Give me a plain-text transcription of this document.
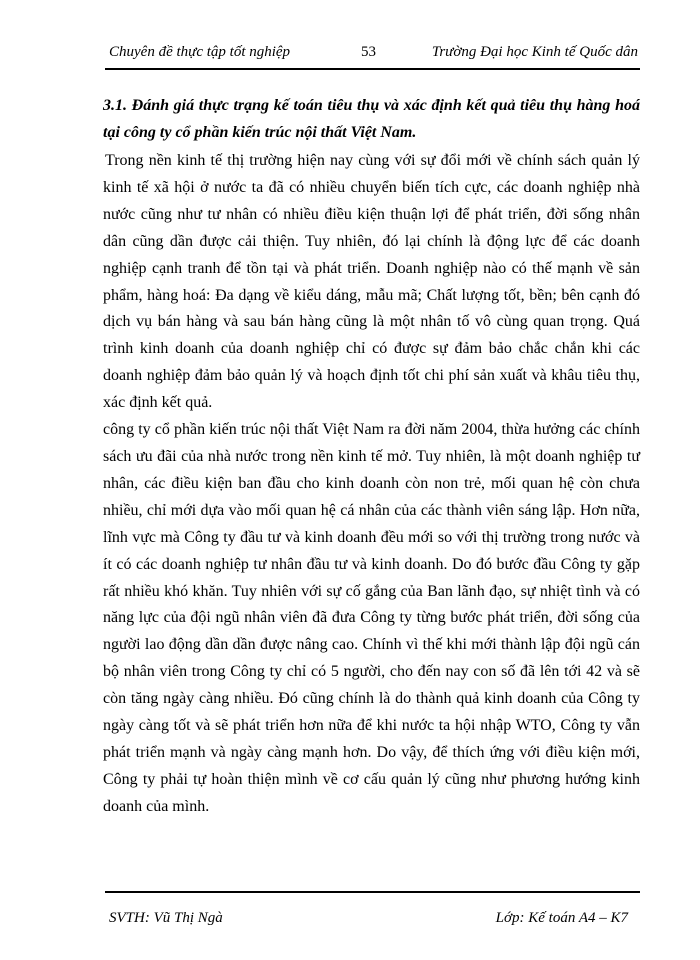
Chuyên đề thực tập tốt nghiệp	53	Trường Đại học Kinh tế Quốc dân

3.1. Đánh giá thực trạng kế toán tiêu thụ và xác định kết quả tiêu thụ hàng hoá tại công ty cổ phần kiến trúc nội thất Việt Nam.

Trong nền kinh tế thị trường hiện nay cùng với sự đổi mới về chính sách quản lý kinh tế xã hội ở nước ta đã có nhiều chuyển biến tích cực, các doanh nghiệp nhà nước cũng như tư nhân có nhiều điều kiện thuận lợi để phát triển, đời sống nhân dân cũng dần được cải thiện. Tuy nhiên, đó lại chính là động lực để các doanh nghiệp cạnh tranh để tồn tại và phát triển. Doanh nghiệp nào có thế mạnh về sản phẩm, hàng hoá: Đa dạng về kiểu dáng, mẫu mã; Chất lượng tốt, bền; bên cạnh đó dịch vụ bán hàng và sau bán hàng cũng là một nhân tố vô cùng quan trọng. Quá trình kinh doanh của doanh nghiệp chỉ có được sự đảm bảo chắc chắn khi các doanh nghiệp đảm bảo quản lý và hoạch định tốt chi phí sản xuất và khâu tiêu thụ, xác định kết quả.

công ty cổ phần kiến trúc nội thất Việt Nam ra đời năm 2004, thừa hưởng các chính sách ưu đãi của nhà nước trong nền kinh tế mở. Tuy nhiên, là một doanh nghiệp tư nhân, các điều kiện ban đầu cho kinh doanh còn non trẻ, mối quan hệ còn chưa nhiều, chỉ mới dựa vào mối quan hệ cá nhân của các thành viên sáng lập. Hơn nữa, lĩnh vực mà Công ty đầu tư và kinh doanh đều mới so với thị trường trong nước và ít có các doanh nghiệp tư nhân đầu tư và kinh doanh. Do đó bước đầu Công ty gặp rất nhiều khó khăn. Tuy nhiên với sự cố gắng của Ban lãnh đạo, sự nhiệt tình và có năng lực của đội ngũ nhân viên đã đưa Công ty từng bước phát triển, đời sống của người lao động dần dần được nâng cao. Chính vì thế khi mới thành lập đội ngũ cán bộ nhân viên trong Công ty chỉ có 5 người, cho đến nay con số đã lên tới 42 và sẽ còn tăng ngày càng nhiều. Đó cũng chính là do thành quả kinh doanh của Công ty ngày càng tốt và sẽ phát triển hơn nữa để khi nước ta hội nhập WTO, Công ty vẫn phát triển mạnh và ngày càng mạnh hơn. Do vậy, để thích ứng với điều kiện mới, Công ty phải tự hoàn thiện mình về cơ cấu quản lý cũng như phương hướng kinh doanh của mình.

SVTH: Vũ Thị Ngà	Lớp: Kế toán A4 – K7
